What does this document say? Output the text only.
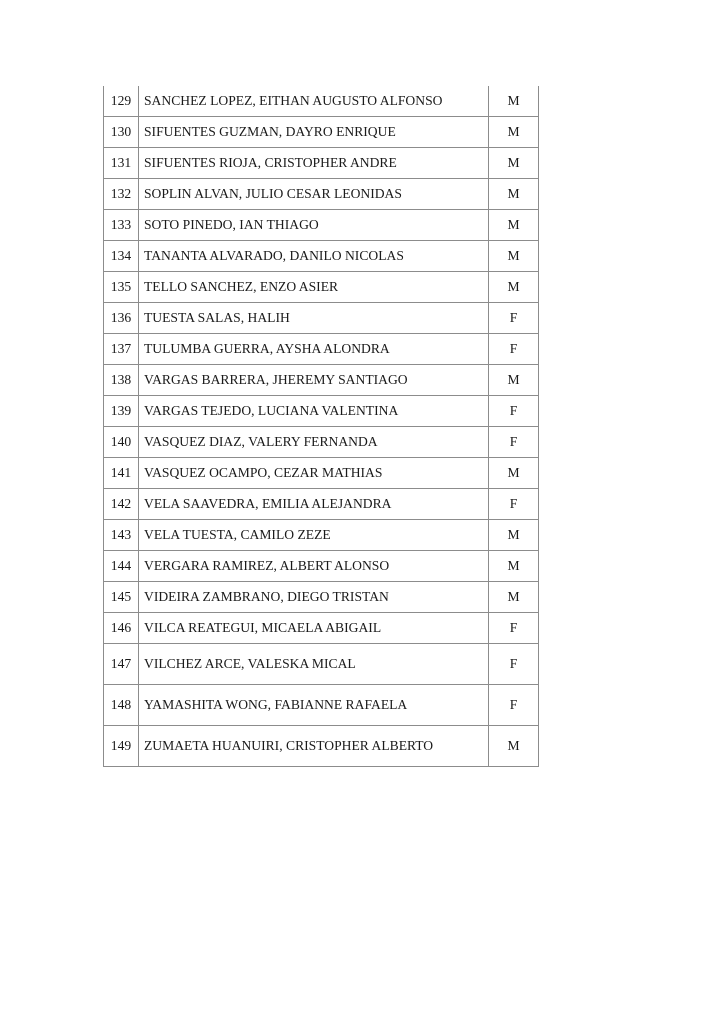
129	SANCHEZ LOPEZ, EITHAN AUGUSTO ALFONSO	M
130	SIFUENTES GUZMAN, DAYRO ENRIQUE	M
131	SIFUENTES RIOJA, CRISTOPHER ANDRE	M
132	SOPLIN ALVAN, JULIO CESAR LEONIDAS	M
133	SOTO PINEDO, IAN THIAGO	M
134	TANANTA ALVARADO, DANILO NICOLAS	M
135	TELLO SANCHEZ, ENZO ASIER	M
136	TUESTA SALAS, HALIH	F
137	TULUMBA GUERRA, AYSHA ALONDRA	F
138	VARGAS BARRERA, JHEREMY SANTIAGO	M
139	VARGAS TEJEDO, LUCIANA VALENTINA	F
140	VASQUEZ DIAZ, VALERY FERNANDA	F
141	VASQUEZ OCAMPO, CEZAR MATHIAS	M
142	VELA SAAVEDRA, EMILIA ALEJANDRA	F
143	VELA TUESTA, CAMILO ZEZE	M
144	VERGARA RAMIREZ, ALBERT ALONSO	M
145	VIDEIRA ZAMBRANO, DIEGO TRISTAN	M
146	VILCA REATEGUI, MICAELA ABIGAIL	F
147	VILCHEZ ARCE, VALESKA MICAL	F
148	YAMASHITA WONG, FABIANNE RAFAELA	F
149	ZUMAETA HUANUIRI, CRISTOPHER ALBERTO	M
